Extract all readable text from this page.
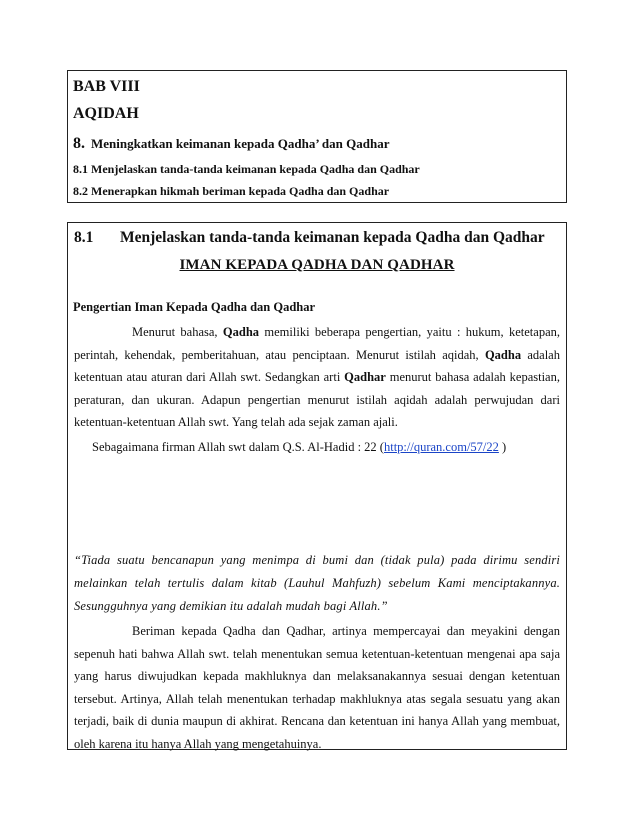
BAB VIII
AQIDAH
8. Meningkatkan keimanan kepada Qadha’ dan Qadhar
8.1 Menjelaskan tanda-tanda keimanan kepada Qadha dan Qadhar
8.2 Menerapkan hikmah beriman kepada Qadha dan Qadhar
8.1 Menjelaskan tanda-tanda keimanan kepada Qadha dan Qadhar
IMAN KEPADA QADHA DAN QADHAR
Pengertian Iman Kepada Qadha dan Qadhar

Menurut bahasa, Qadha memiliki beberapa pengertian, yaitu : hukum, ketetapan, perintah, kehendak, pemberitahuan, atau penciptaan. Menurut istilah aqidah, Qadha adalah ketentuan atau aturan dari Allah swt. Sedangkan arti Qadhar menurut bahasa adalah kepastian, peraturan, dan ukuran. Adapun pengertian menurut istilah aqidah adalah perwujudan dari ketentuan-ketentuan Allah swt. Yang telah ada sejak zaman ajali.

Sebagaimana firman Allah swt dalam Q.S. Al-Hadid : 22 (http://quran.com/57/22 )
“Tiada suatu bencanapun yang menimpa di bumi dan (tidak pula) pada dirimu sendiri melainkan telah tertulis dalam kitab (Lauhul Mahfuzh) sebelum Kami menciptakannya. Sesungguhnya yang demikian itu adalah mudah bagi Allah.”

Beriman kepada Qadha dan Qadhar, artinya mempercayai dan meyakini dengan sepenuh hati bahwa Allah swt. telah menentukan semua ketentuan-ketentuan mengenai apa saja yang harus diwujudkan kepada makhluknya dan melaksanakannya sesuai dengan ketentuan tersebut. Artinya, Allah telah menentukan terhadap makhluknya atas segala sesuatu yang akan terjadi, baik di dunia maupun di akhirat. Rencana dan ketentuan ini hanya Allah yang membuat, oleh karena itu hanya Allah yang mengetahuinya.
